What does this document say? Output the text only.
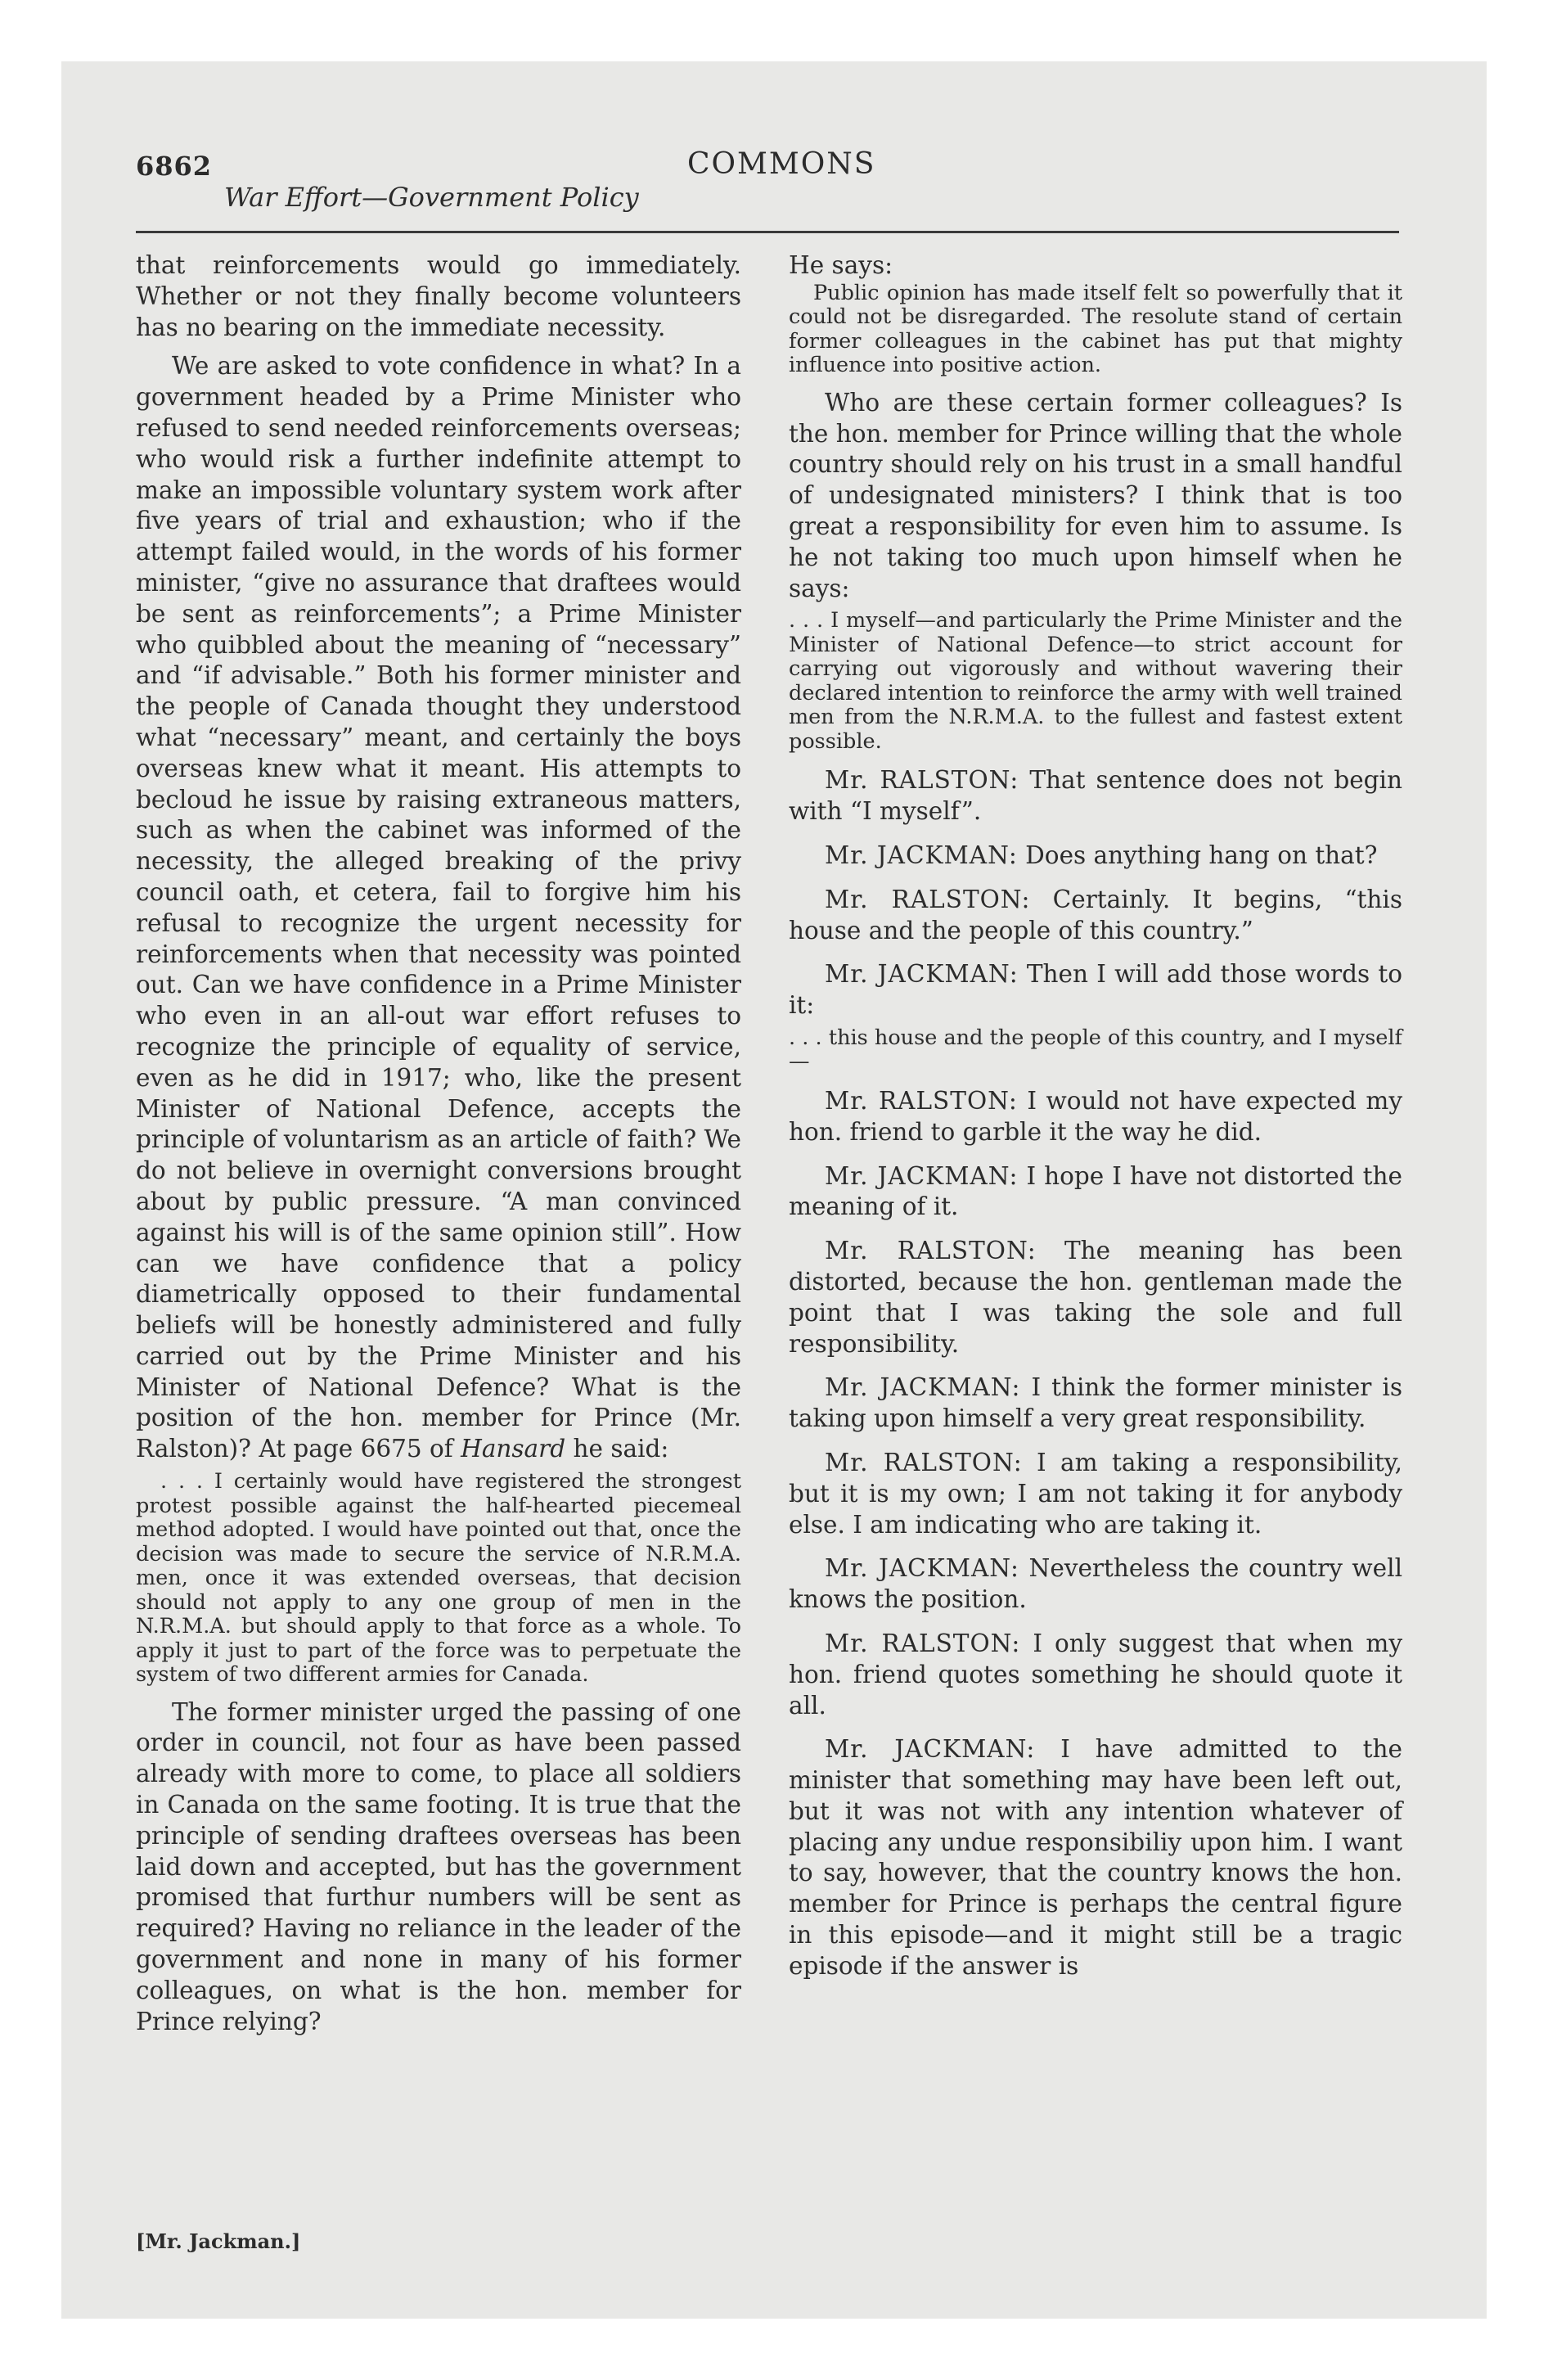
6862
War Effort—Government Policy
COMMONS

that reinforcements would go immediately. Whether or not they finally become volunteers has no bearing on the immediate necessity.

We are asked to vote confidence in what? In a government headed by a Prime Minister who refused to send needed reinforcements overseas; who would risk a further indefinite attempt to make an impossible voluntary system work after five years of trial and exhaustion; who if the attempt failed would, in the words of his former minister, “give no assurance that draftees would be sent as reinforcements”; a Prime Minister who quibbled about the meaning of “necessary” and “if advisable.” Both his former minister and the people of Canada thought they understood what “necessary” meant, and certainly the boys overseas knew what it meant. His attempts to becloud he issue by raising extraneous matters, such as when the cabinet was informed of the necessity, the alleged breaking of the privy council oath, et cetera, fail to forgive him his refusal to recognize the urgent necessity for reinforcements when that necessity was pointed out. Can we have confidence in a Prime Minister who even in an all-out war effort refuses to recognize the principle of equality of service, even as he did in 1917; who, like the present Minister of National Defence, accepts the principle of voluntarism as an article of faith? We do not believe in overnight conversions brought about by public pressure. “A man convinced against his will is of the same opinion still”. How can we have confidence that a policy diametrically opposed to their fundamental beliefs will be honestly administered and fully carried out by the Prime Minister and his Minister of National Defence? What is the position of the hon. member for Prince (Mr. Ralston)? At page 6675 of Hansard he said:

. . . I certainly would have registered the strongest protest possible against the half-hearted piecemeal method adopted. I would have pointed out that, once the decision was made to secure the service of N.R.M.A. men, once it was extended overseas, that decision should not apply to any one group of men in the N.R.M.A. but should apply to that force as a whole. To apply it just to part of the force was to perpetuate the system of two different armies for Canada.

The former minister urged the passing of one order in council, not four as have been passed already with more to come, to place all soldiers in Canada on the same footing. It is true that the principle of sending draftees overseas has been laid down and accepted, but has the government promised that furthur numbers will be sent as required? Having no reliance in the leader of the government and none in many of his former colleagues, on what is the hon. member for Prince relying?

He says:

Public opinion has made itself felt so powerfully that it could not be disregarded. The resolute stand of certain former colleagues in the cabinet has put that mighty influence into positive action.

Who are these certain former colleagues? Is the hon. member for Prince willing that the whole country should rely on his trust in a small handful of undesignated ministers? I think that is too great a responsibility for even him to assume. Is he not taking too much upon himself when he says:

. . . I myself—and particularly the Prime Minister and the Minister of National Defence—to strict account for carrying out vigorously and without wavering their declared intention to reinforce the army with well trained men from the N.R.M.A. to the fullest and fastest extent possible.

Mr. RALSTON: That sentence does not begin with “I myself”.

Mr. JACKMAN: Does anything hang on that?

Mr. RALSTON: Certainly. It begins, “this house and the people of this country.”

Mr. JACKMAN: Then I will add those words to it:

. . . this house and the people of this country, and I myself—

Mr. RALSTON: I would not have expected my hon. friend to garble it the way he did.

Mr. JACKMAN: I hope I have not distorted the meaning of it.

Mr. RALSTON: The meaning has been distorted, because the hon. gentleman made the point that I was taking the sole and full responsibility.

Mr. JACKMAN: I think the former minister is taking upon himself a very great responsibility.

Mr. RALSTON: I am taking a responsibility, but it is my own; I am not taking it for anybody else. I am indicating who are taking it.

Mr. JACKMAN: Nevertheless the country well knows the position.

Mr. RALSTON: I only suggest that when my hon. friend quotes something he should quote it all.

Mr. JACKMAN: I have admitted to the minister that something may have been left out, but it was not with any intention whatever of placing any undue responsibiliy upon him. I want to say, however, that the country knows the hon. member for Prince is perhaps the central figure in this episode—and it might still be a tragic episode if the answer is

[Mr. Jackman.]
